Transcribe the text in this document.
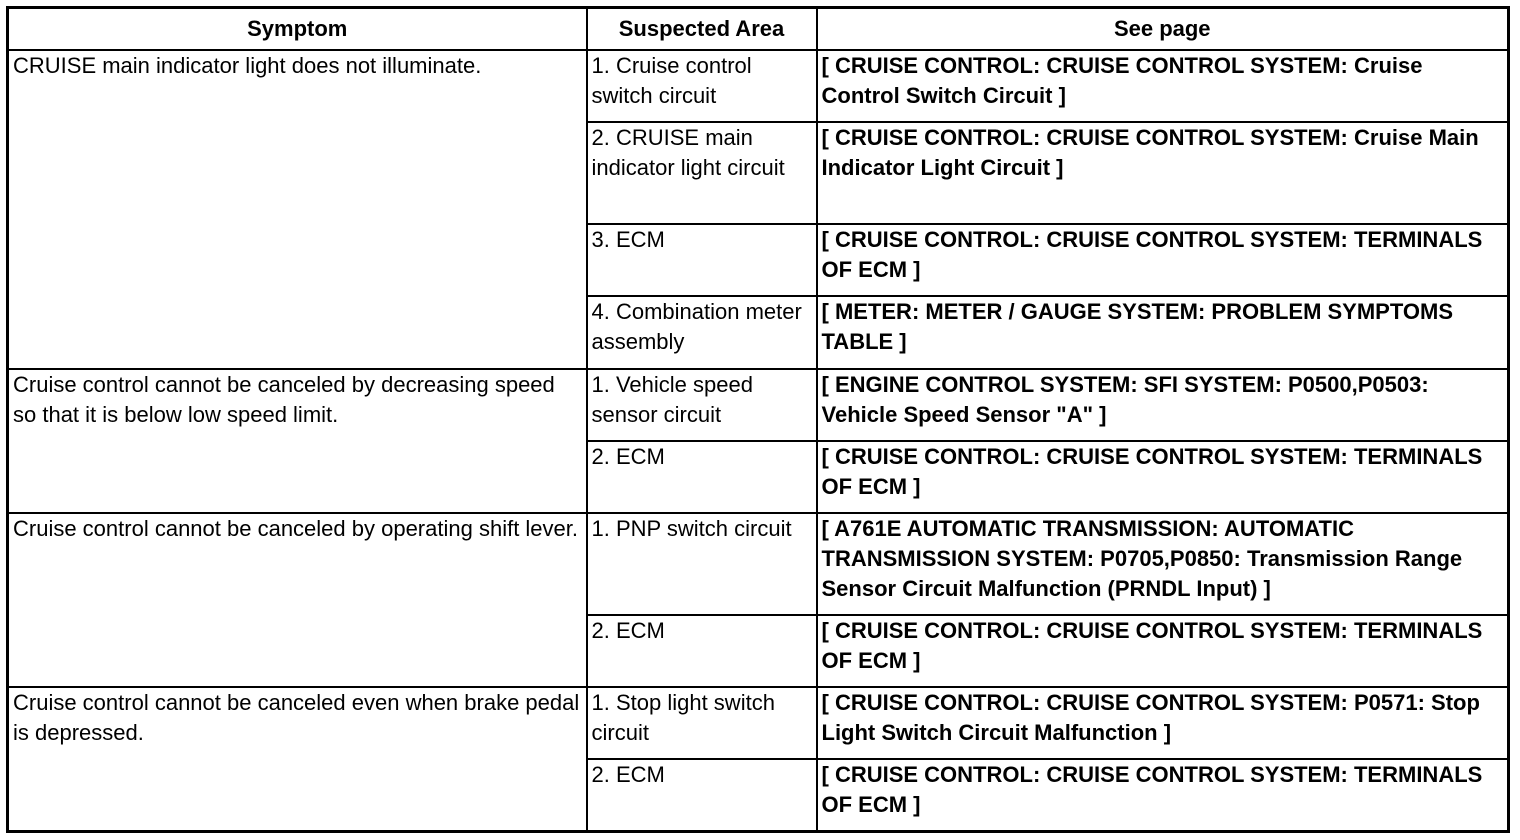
Symptom	Suspected Area	See page
CRUISE main indicator light does not illuminate.	1. Cruise control switch circuit	[ CRUISE CONTROL: CRUISE CONTROL SYSTEM: Cruise Control Switch Circuit ]
	2. CRUISE main indicator light circuit	[ CRUISE CONTROL: CRUISE CONTROL SYSTEM: Cruise Main Indicator Light Circuit ]
	3. ECM	[ CRUISE CONTROL: CRUISE CONTROL SYSTEM: TERMINALS OF ECM ]
	4. Combination meter assembly	[ METER: METER / GAUGE SYSTEM: PROBLEM SYMPTOMS TABLE ]
Cruise control cannot be canceled by decreasing speed so that it is below low speed limit.	1. Vehicle speed sensor circuit	[ ENGINE CONTROL SYSTEM: SFI SYSTEM: P0500,P0503: Vehicle Speed Sensor "A" ]
	2. ECM	[ CRUISE CONTROL: CRUISE CONTROL SYSTEM: TERMINALS OF ECM ]
Cruise control cannot be canceled by operating shift lever.	1. PNP switch circuit	[ A761E AUTOMATIC TRANSMISSION: AUTOMATIC TRANSMISSION SYSTEM: P0705,P0850: Transmission Range Sensor Circuit Malfunction (PRNDL Input) ]
	2. ECM	[ CRUISE CONTROL: CRUISE CONTROL SYSTEM: TERMINALS OF ECM ]
Cruise control cannot be canceled even when brake pedal is depressed.	1. Stop light switch circuit	[ CRUISE CONTROL: CRUISE CONTROL SYSTEM: P0571: Stop Light Switch Circuit Malfunction ]
	2. ECM	[ CRUISE CONTROL: CRUISE CONTROL SYSTEM: TERMINALS OF ECM ]
